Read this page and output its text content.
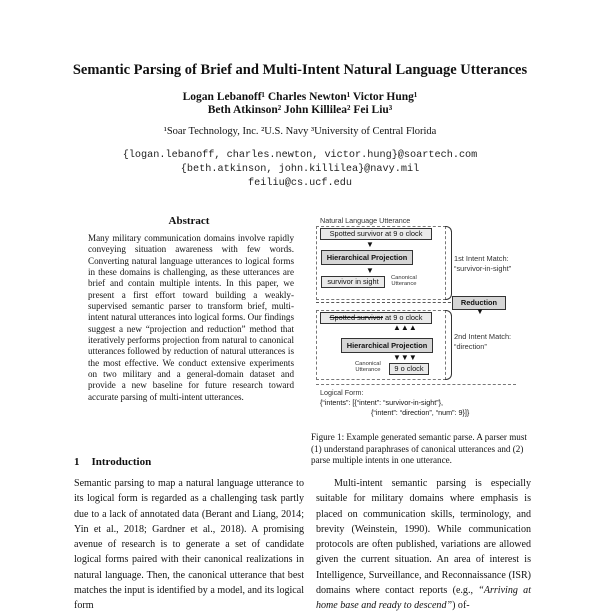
Semantic Parsing of Brief and Multi-Intent Natural Language Utterances
Logan Lebanoff¹ Charles Newton¹ Victor Hung¹
Beth Atkinson² John Killilea² Fei Liu³
¹Soar Technology, Inc. ²U.S. Navy ³University of Central Florida
{logan.lebanoff, charles.newton, victor.hung}@soartech.com
{beth.atkinson, john.killilea}@navy.mil
feiliu@cs.ucf.edu
Abstract
Many military communication domains involve rapidly conveying situation awareness with few words. Converting natural language utterances to logical forms in these domains is challenging, as these utterances are brief and contain multiple intents. In this paper, we present a first effort toward building a weakly-supervised semantic parser to transform brief, multi-intent natural utterances into logical forms. Our findings suggest a new “projection and reduction” method that iteratively performs projection from natural to canonical utterances followed by reduction of natural utterances is the most effective. We conduct extensive experiments on two military and a general-domain dataset and provide a new baseline for future research toward accurate parsing of multi-intent utterances.
1 Introduction
Semantic parsing to map a natural language utterance to its logical form is regarded as a challenging task partly due to a lack of annotated data (Berant and Liang, 2014; Yin et al., 2018; Gardner et al., 2018). A promising avenue of research is to generate a set of candidate logical forms paired with their canonical realizations in natural language. Then, the canonical utterance that best matches the input is identified by a model, and its logical form
Natural Language Utterance
Spotted survivor at 9 o clock
▼
Hierarchical Projection
▼
survivor in sight	Canonical
Utterance
1st Intent Match:
“survivor-in-sight”
Reduction
▼
Spotted survivor at 9 o clock
▲▲▲
Hierarchical Projection
▼▼▼
Canonical
Utterance	9 o clock
2nd Intent Match:
“direction”
Logical Form:
{“intents”: [{“intent”: “survivor-in-sight”},
{“intent”: “direction”, “num”: 9}]}
Figure 1: Example generated semantic parse. A parser must (1) understand paraphrases of canonical utterances and (2) parse multiple intents in one utterance.
Multi-intent semantic parsing is especially suitable for military domains where emphasis is placed on communication skills, terminology, and brevity (Weinstein, 1990). While communication protocols are often published, variations are allowed given the current situation. An area of interest is Intelligence, Surveillance, and Reconnaissance (ISR) domains where contact reports (e.g., “Arriving at home base and ready to descend”) of-
